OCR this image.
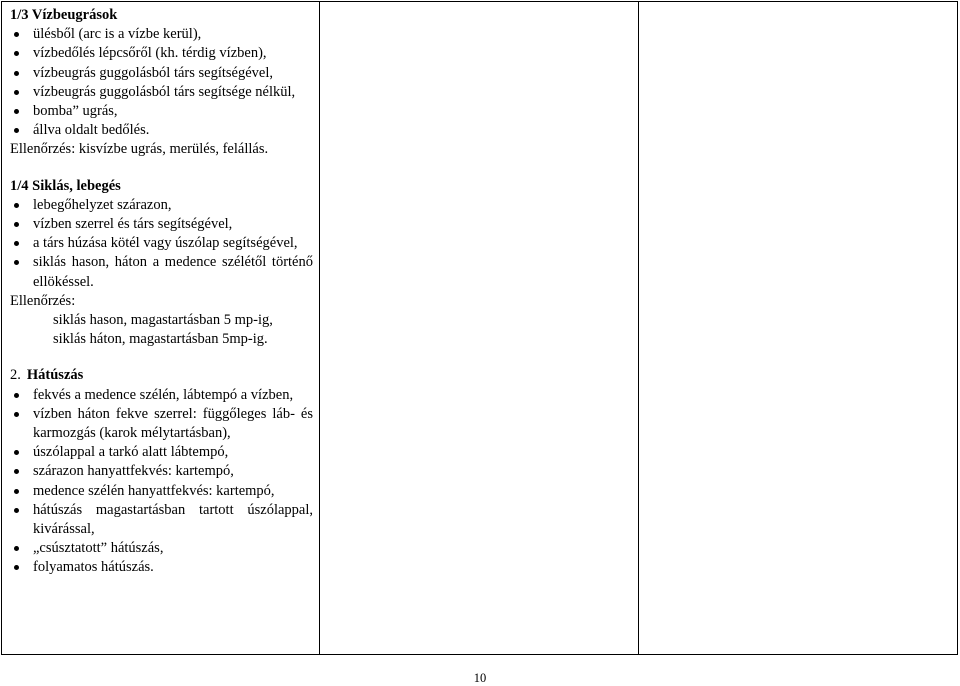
1/3 Vízbeugrások

ülésből (arc is a vízbe kerül),
vízbedőlés lépcsőről (kh. térdig vízben),
vízbeugrás guggolásból társ segítségével,
vízbeugrás guggolásból társ segítsége nélkül,
bomba” ugrás,
állva oldalt bedőlés.

Ellenőrzés: kisvízbe ugrás, merülés, felállás.

1/4 Siklás, lebegés

lebegőhelyzet szárazon,
vízben szerrel és társ segítségével,
a társ húzása kötél vagy úszólap segítségével,
siklás hason, háton a medence szélétől történő ellökéssel.

Ellenőrzés:

siklás hason, magastartásban 5 mp-ig,

siklás háton, magastartásban 5mp-ig.

2. Hátúszás

fekvés a medence szélén, lábtempó a vízben,
vízben háton fekve szerrel: függőleges láb- és karmozgás (karok mélytartásban),
úszólappal a tarkó alatt lábtempó,
szárazon hanyattfekvés: kartempó,
medence szélén hanyattfekvés: kartempó,
hátúszás magastartásban tartott úszólappal, kivárással,
„csúsztatott” hátúszás,
folyamatos hátúszás.

10
